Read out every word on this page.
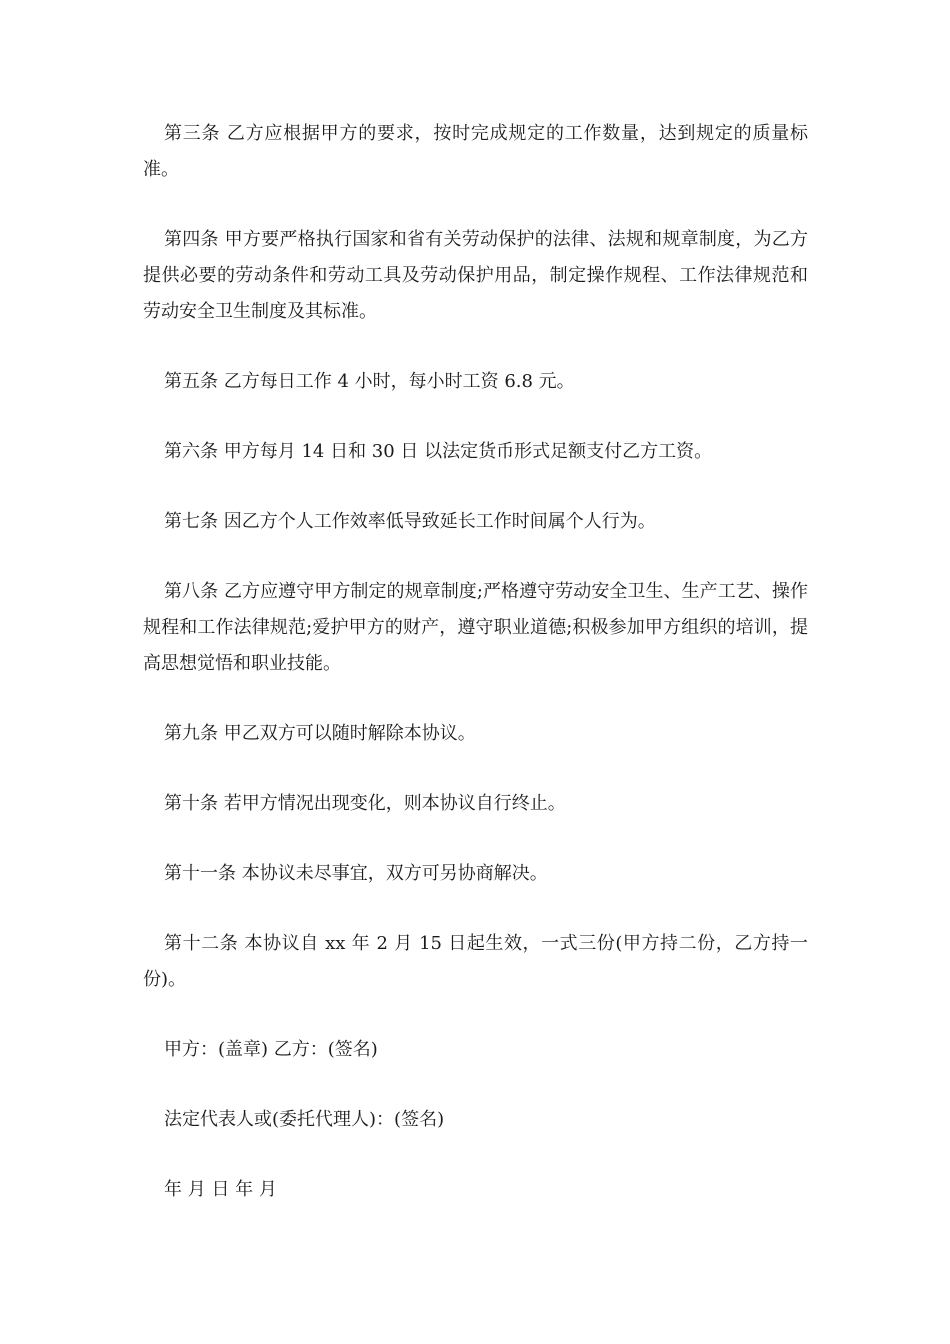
第三条 乙方应根据甲方的要求，按时完成规定的工作数量，达到规定的质量标准。

第四条 甲方要严格执行国家和省有关劳动保护的法律、法规和规章制度，为乙方提供必要的劳动条件和劳动工具及劳动保护用品，制定操作规程、工作法律规范和劳动安全卫生制度及其标准。

第五条 乙方每日工作 4 小时，每小时工资 6.8 元。

第六条 甲方每月 14 日和 30 日 以法定货币形式足额支付乙方工资。

第七条 因乙方个人工作效率低导致延长工作时间属个人行为。

第八条 乙方应遵守甲方制定的规章制度;严格遵守劳动安全卫生、生产工艺、操作规程和工作法律规范;爱护甲方的财产，遵守职业道德;积极参加甲方组织的培训，提高思想觉悟和职业技能。

第九条 甲乙双方可以随时解除本协议。

第十条 若甲方情况出现变化，则本协议自行终止。

第十一条 本协议未尽事宜，双方可另协商解决。

第十二条 本协议自 xx 年 2 月 15 日起生效，一式三份(甲方持二份，乙方持一份)。

甲方：(盖章) 乙方：(签名)

法定代表人或(委托代理人)：(签名)

年 月 日 年 月
